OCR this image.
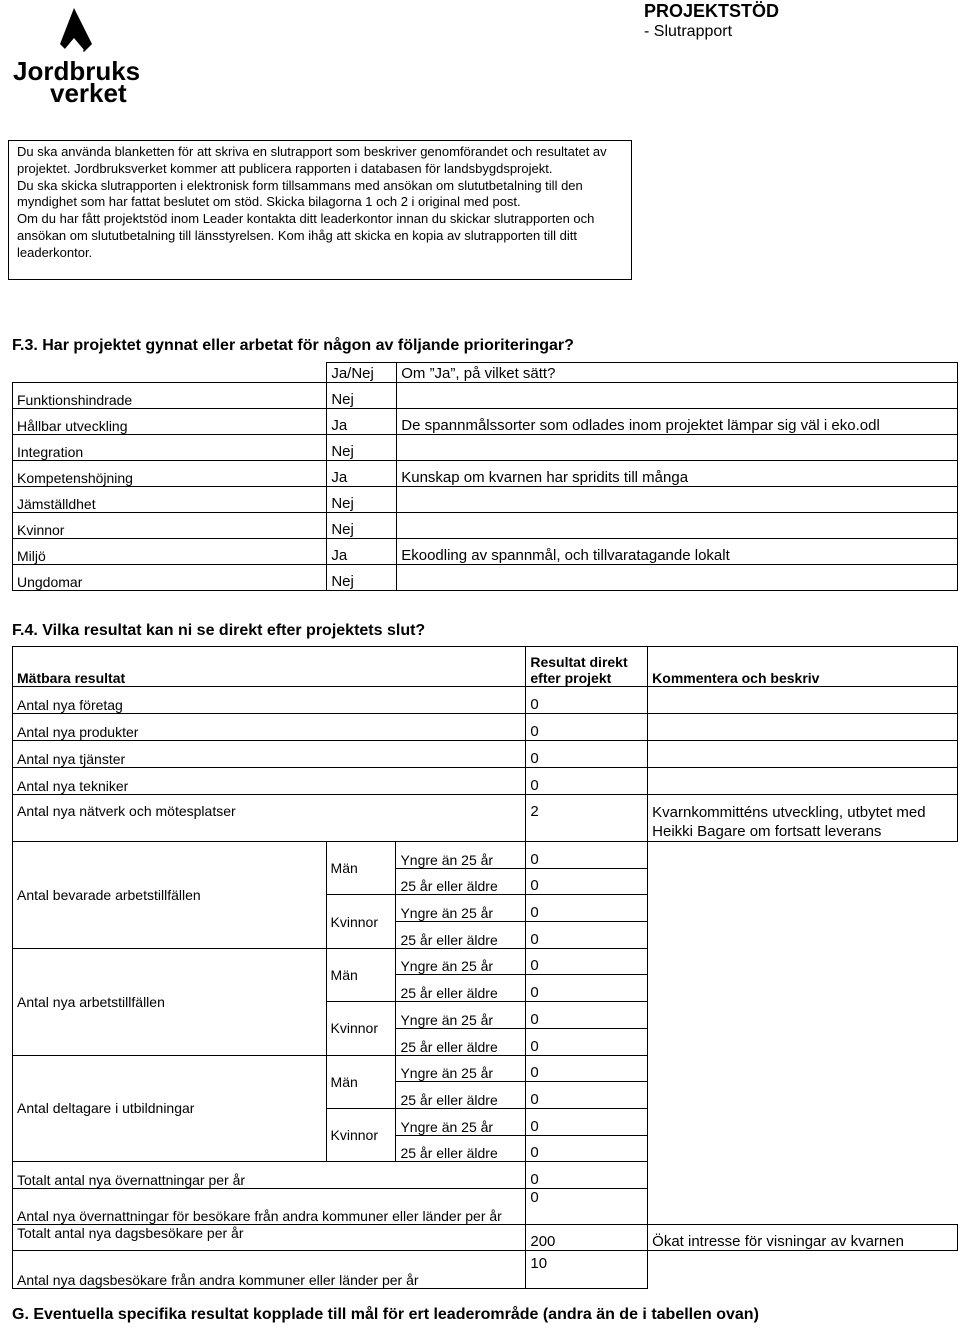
Jordbruks
verket
PROJEKTSTÖD
- Slutrapport

Du ska använda blanketten för att skriva en slutrapport som beskriver genomförandet och resultatet av projektet. Jordbruksverket kommer att publicera rapporten i databasen för landsbygdsprojekt.

Du ska skicka slutrapporten i elektronisk form tillsammans med ansökan om slututbetalning till den myndighet som har fattat beslutet om stöd. Skicka bilagorna 1 och 2 i original med post.

Om du har fått projektstöd inom Leader kontakta ditt leaderkontor innan du skickar slutrapporten och ansökan om slututbetalning till länsstyrelsen. Kom ihåg att skicka en kopia av slutrapporten till ditt leaderkontor.

F.3. Har projektet gynnat eller arbetat för någon av följande prioriteringar?
	Ja/Nej	Om ”Ja”, på vilket sätt?
Funktionshindrade	Nej	
Hållbar utveckling	Ja	De spannmålssorter som odlades inom projektet lämpar sig väl i eko.odl
Integration	Nej	
Kompetenshöjning	Ja	Kunskap om kvarnen har spridits till många
Jämställdhet	Nej	
Kvinnor	Nej	
Miljö	Ja	Ekoodling av spannmål, och tillvaratagande lokalt
Ungdomar	Nej	
F.4. Vilka resultat kan ni se direkt efter projektets slut?
Mätbara resultat			Resultat direkt efter projekt	Kommentera och beskriv
Antal nya företag			0	
Antal nya produkter			0	
Antal nya tjänster			0	
Antal nya tekniker			0	
Antal nya nätverk och mötesplatser			2	Kvarnkommitténs utveckling, utbytet med Heikki Bagare om fortsatt leverans
Antal bevarade arbetstillfällen	Män	Yngre än 25 år	0	
		25 år eller äldre	0	
	Kvinnor	Yngre än 25 år	0	
		25 år eller äldre	0	
Antal nya arbetstillfällen	Män	Yngre än 25 år	0	
		25 år eller äldre	0	
	Kvinnor	Yngre än 25 år	0	
		25 år eller äldre	0	
Antal deltagare i utbildningar	Män	Yngre än 25 år	0	
		25 år eller äldre	0	
	Kvinnor	Yngre än 25 år	0	
		25 år eller äldre	0	
Totalt antal nya övernattningar per år			0	
Antal nya övernattningar för besökare från andra kommuner eller länder per år			0	
Totalt antal nya dagsbesökare per år			200	Ökat intresse för visningar av kvarnen
Antal nya dagsbesökare från andra kommuner eller länder per år			10	
G. Eventuella specifika resultat kopplade till mål för ert leaderområde (andra än de i tabellen ovan)
